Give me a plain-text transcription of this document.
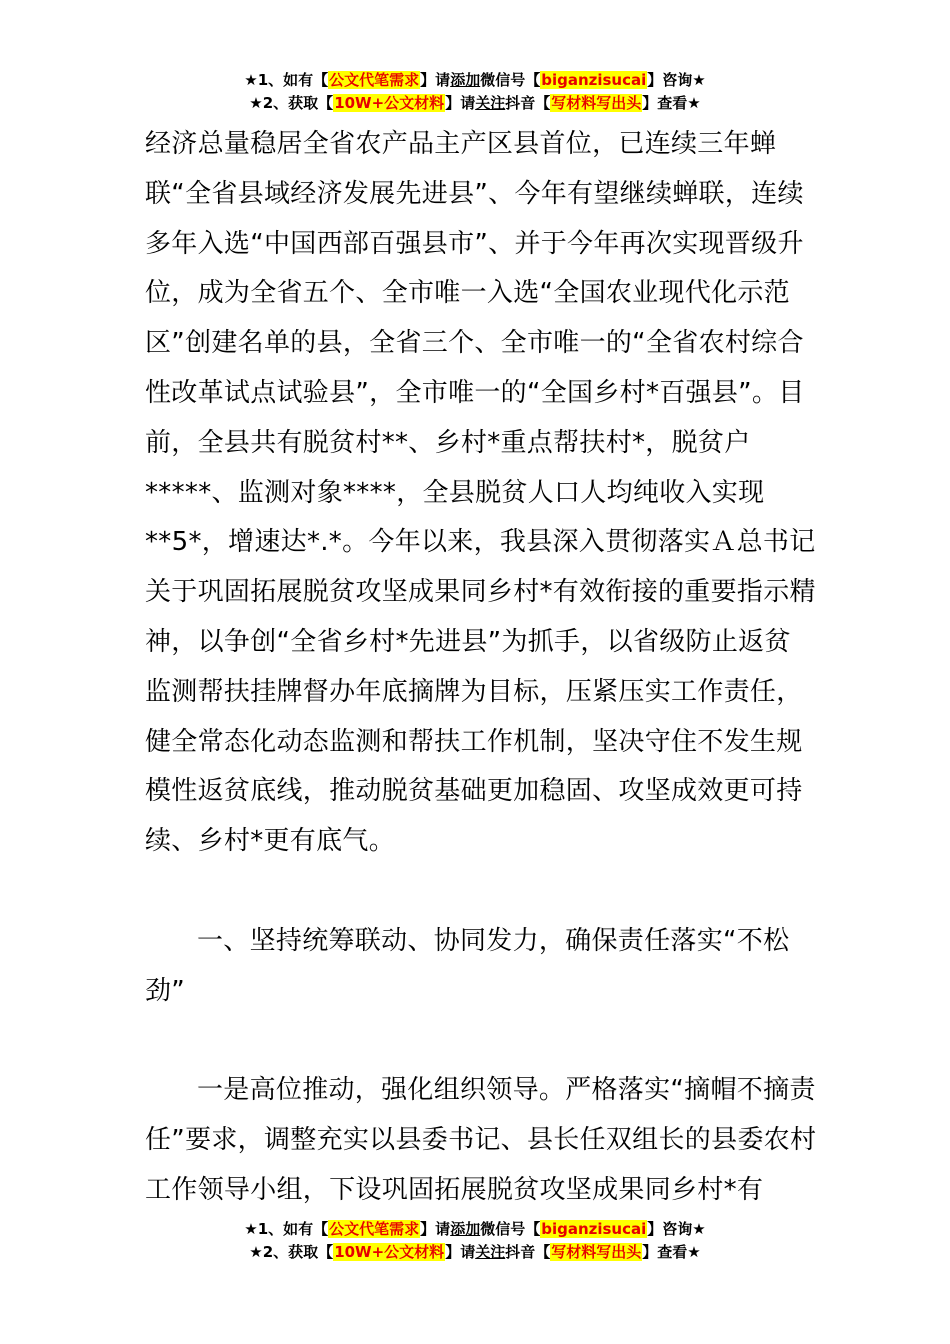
★1、如有【公文代笔需求】请添加微信号【biganzisucai】咨询★
★2、获取【10W+公文材料】请关注抖音【写材料写出头】查看★

经济总量稳居全省农产品主产区县首位，已连续三年蝉联“全省县域经济发展先进县”、今年有望继续蝉联，连续多年入选“中国西部百强县市”、并于今年再次实现晋级升位，成为全省五个、全市唯一入选“全国农业现代化示范区”创建名单的县，全省三个、全市唯一的“全省农村综合性改革试点试验县”，全市唯一的“全国乡村*百强县”。目前，全县共有脱贫村**、乡村*重点帮扶村*，脱贫户*****、监测对象****，全县脱贫人口人均纯收入实现**5*，增速达*.*。今年以来，我县深入贯彻落实Ａ总书记关于巩固拓展脱贫攻坚成果同乡村*有效衔接的重要指示精神，以争创“全省乡村*先进县”为抓手，以省级防止返贫监测帮扶挂牌督办年底摘牌为目标，压紧压实工作责任，健全常态化动态监测和帮扶工作机制，坚决守住不发生规模性返贫底线，推动脱贫基础更加稳固、攻坚成效更可持续、乡村*更有底气。

一、坚持统筹联动、协同发力，确保责任落实“不松劲”

一是高位推动，强化组织领导。严格落实“摘帽不摘责任”要求，调整充实以县委书记、县长任双组长的县委农村工作领导小组，下设巩固拓展脱贫攻坚成果同乡村*有

★1、如有【公文代笔需求】请添加微信号【biganzisucai】咨询★
★2、获取【10W+公文材料】请关注抖音【写材料写出头】查看★
